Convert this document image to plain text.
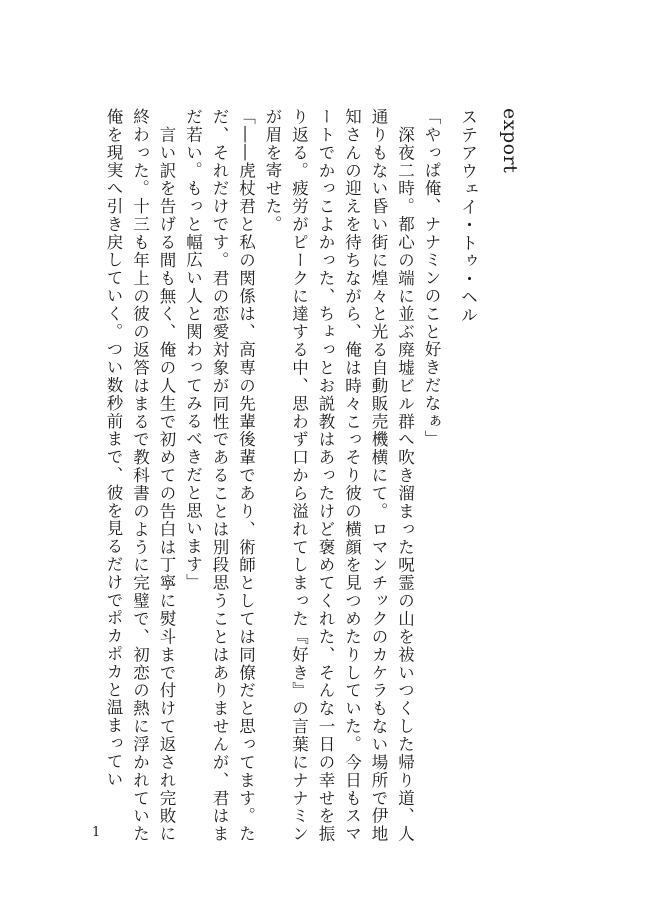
export
ステアウェイ・トゥ・ヘル

「やっぱ俺、ナナミンのこと好きだなぁ」

　深夜二時。都心の端に並ぶ廃墟ビル群へ吹き溜まった呪霊の山を祓いつくした帰り道、人通りもない昏い街に煌々と光る自動販売機横にて。ロマンチックのカケラもない場所で伊地知さんの迎えを待ちながら、俺は時々こっそり彼の横顔を見つめたりしていた。今日もスマートでかっこよかった、ちょっとお説教はあったけど褒めてくれた、そんな一日の幸せを振り返る。疲労がピークに達する中、思わず口から溢れてしまった『好き』の言葉にナナミンが眉を寄せた。

「――虎杖君と私の関係は、高専の先輩後輩であり、術師としては同僚だと思ってます。ただ、それだけです。君の恋愛対象が同性であることは別段思うことはありませんが、君はまだ若い。もっと幅広い人と関わってみるべきだと思います」

　言い訳を告げる間も無く、俺の人生で初めての告白は丁寧に熨斗まで付けて返され完敗に終わった。十三も年上の彼の返答はまるで教科書のように完璧で、初恋の熱に浮かれていた俺を現実へ引き戻していく。つい数秒前まで、彼を見るだけでポカポカと温まってい

1
